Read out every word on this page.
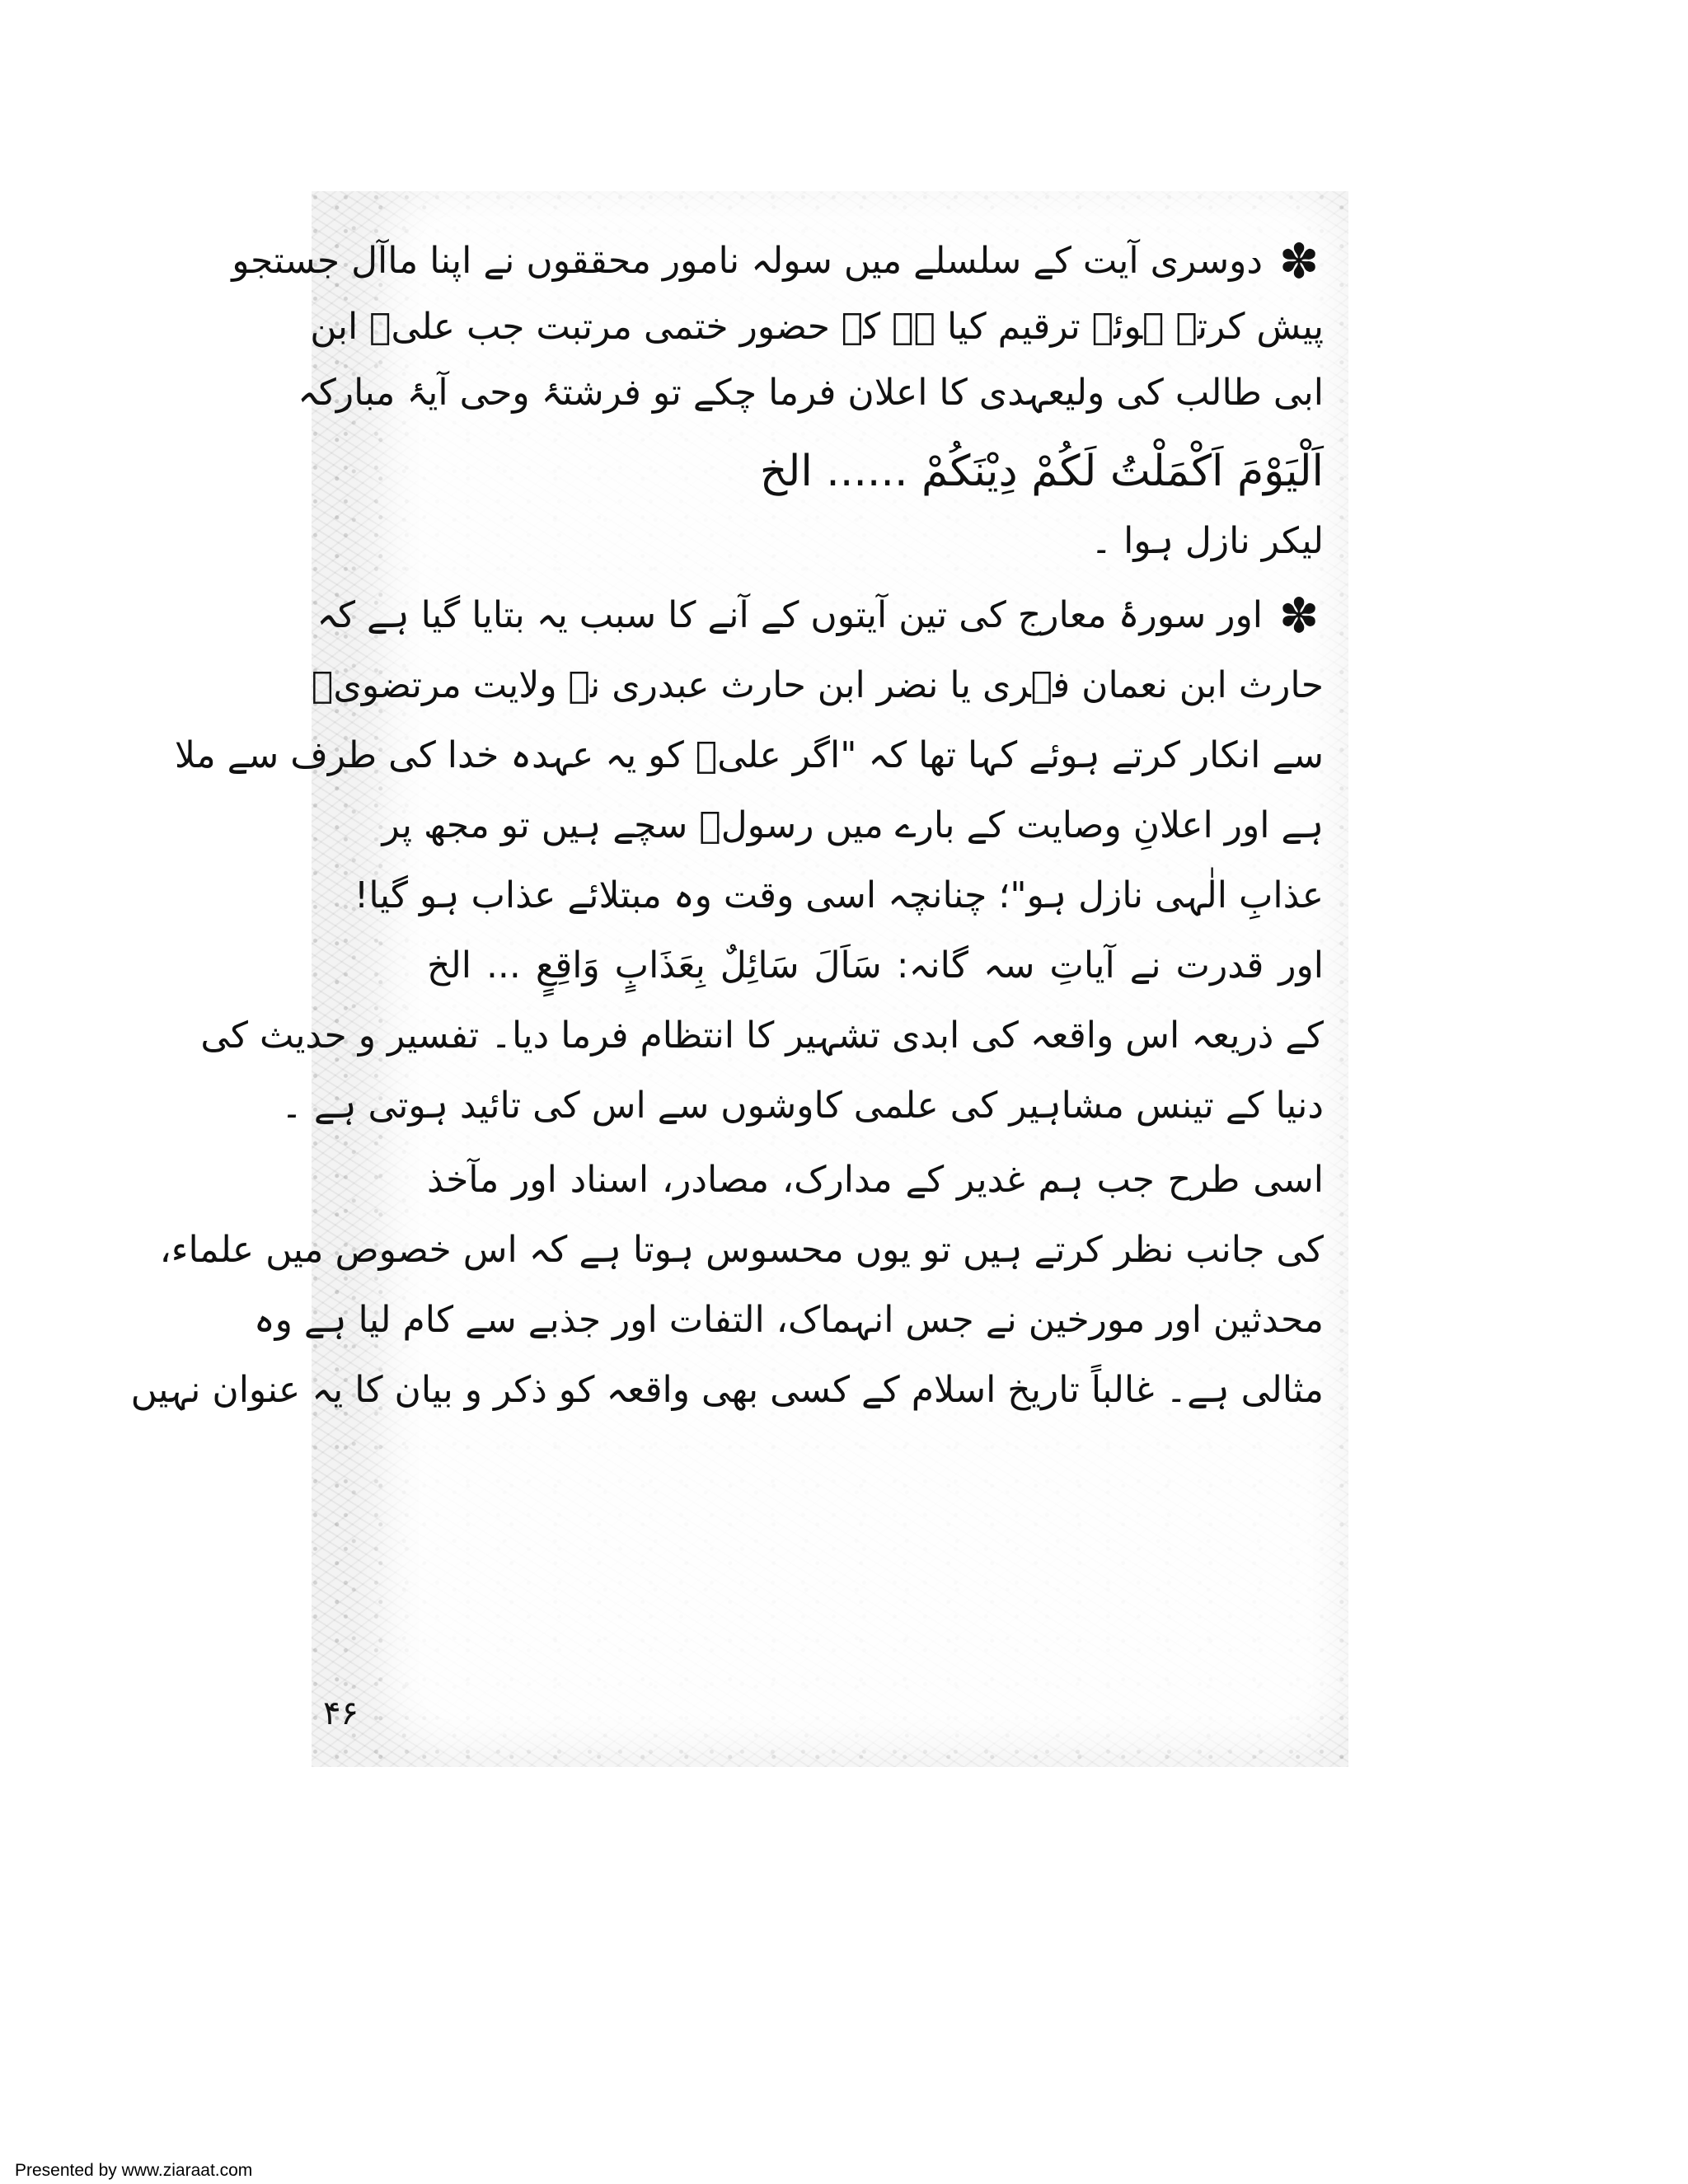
✽
دوسری آیت کے سلسلے میں سولہ نامور محققوں نے اپنا ماآل جستجو
پیش کرتے ہوئے ترقیم کیا ہے کہ حضور ختمی مرتبت جب علیؑ ابن
ابی طالب کی ولیعہدی کا اعلان فرما چکے تو فرشتۂ وحی آیۂ مبارکہ
اَلْیَوْمَ اَکْمَلْتُ لَکُمْ دِیْنَکُمْ ...... الخ
لیکر نازل ہوا ۔
✽
اور سورۂ معارج کی تین آیتوں کے آنے کا سبب یہ بتایا گیا ہے کہ
حارث ابن نعمان فہری یا نضر ابن حارث عبدری نے ولایت مرتضویؑ
سے انکار کرتے ہوئے کہا تھا کہ "اگر علیؑ کو یہ عہدہ خدا کی طرف سے ملا
ہے اور اعلانِ وصایت کے بارے میں رسولؐ سچے ہیں تو مجھ پر
عذابِ الٰہی نازل ہو"؛ چنانچہ اسی وقت وہ مبتلائے عذاب ہو گیا!
اور قدرت نے آیاتِ سہ گانہ: سَاَلَ سَائِلٌ بِعَذَابٍ وَاقِعٍ ... الخ
کے ذریعہ اس واقعہ کی ابدی تشہیر کا انتظام فرما دیا۔ تفسیر و حدیث کی
دنیا کے تینس مشاہیر کی علمی کاوشوں سے اس کی تائید ہوتی ہے ۔
اسی طرح جب ہم غدیر کے مدارک، مصادر، اسناد اور مآخذ
کی جانب نظر کرتے ہیں تو یوں محسوس ہوتا ہے کہ اس خصوص میں علماء،
محدثین اور مورخین نے جس انہماک، التفات اور جذبے سے کام لیا ہے وہ
مثالی ہے۔ غالباً تاریخ اسلام کے کسی بھی واقعہ کو ذکر و بیان کا یہ عنوان نہیں
۴۶
Presented by www.ziaraat.com
